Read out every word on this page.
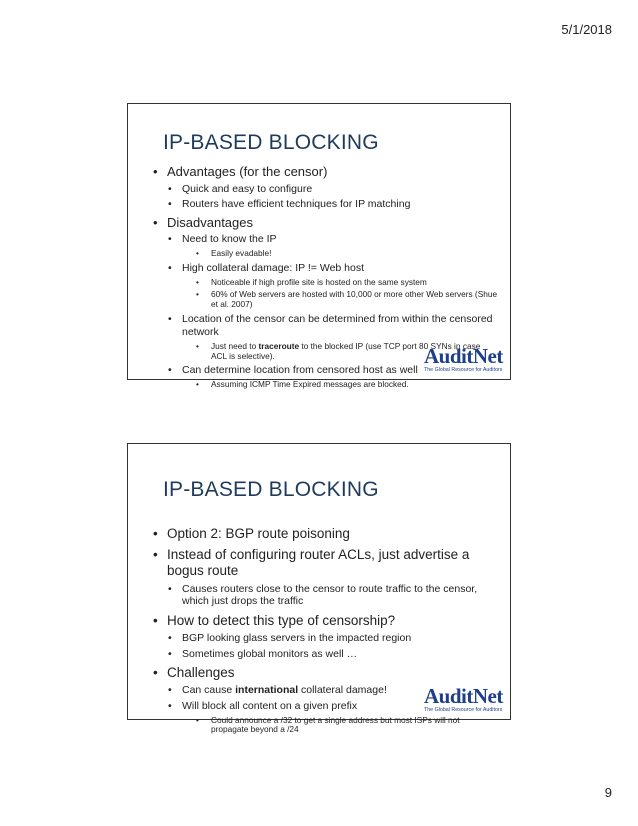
5/1/2018
IP-BASED BLOCKING
• Advantages (for the censor)
• Quick and easy to configure
• Routers have efficient techniques for IP matching
• Disadvantages
• Need to know the IP
• Easily evadable!
• High collateral damage: IP != Web host
• Noticeable if high profile site is hosted on the same system
• 60% of Web servers are hosted with 10,000 or more other Web servers (Shue et al. 2007)
• Location of the censor can be determined from within the censored network
• Just need to traceroute to the blocked IP (use TCP port 80 SYNs in case ACL is selective).
• Can determine location from censored host as well
• Assuming ICMP Time Expired messages are blocked.
AuditNet
The Global Resource for Auditors
IP-BASED BLOCKING
• Option 2: BGP route poisoning
• Instead of configuring router ACLs, just advertise a bogus route
• Causes routers close to the censor to route traffic to the censor, which just drops the traffic
• How to detect this type of censorship?
• BGP looking glass servers in the impacted region
• Sometimes global monitors as well …
• Challenges
• Can cause international collateral damage!
• Will block all content on a given prefix
• Could announce a /32 to get a single address but most ISPs will not propagate beyond a /24
AuditNet
The Global Resource for Auditors
9
